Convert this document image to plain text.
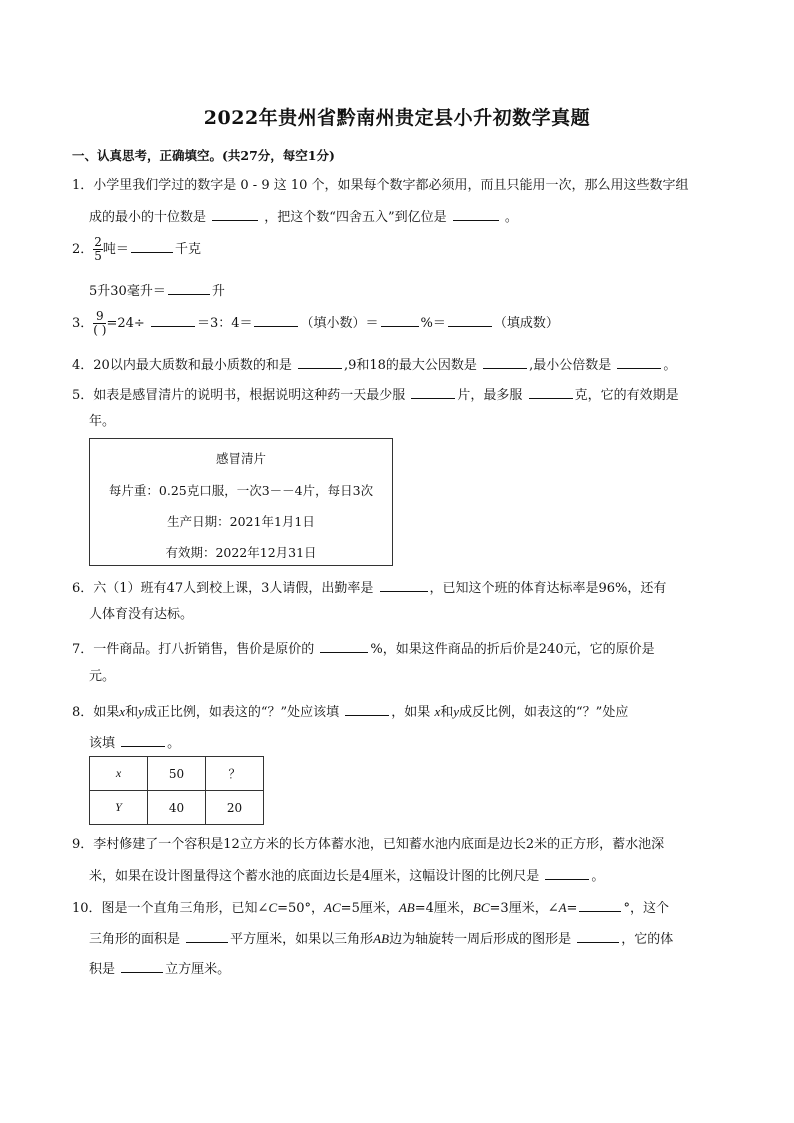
2022年贵州省黔南州贵定县小升初数学真题
一、认真思考，正确填空。(共27分，每空1分)
1．小学里我们学过的数字是 0 - 9 这 10 个，如果每个数字都必须用，而且只能用一次，那么用这些数字组
成的最小的十位数是	，把这个数“四舍五入”到亿位是	。
2． $\frac{2}{5}$ 吨＝	千克
5升30毫升＝	升
3． $\frac{9}{( )} =24\div$	＝3：4＝	（填小数）＝	%＝	（填成数）
4．20以内最大质数和最小质数的和是	,9和18的最大公因数是	,最小公倍数是	。
5．如表是感冒清片的说明书，根据说明这种药一天最少服	片，最多服	克，它的有效期是
年。
感冒清片
每片重：0.25克口服，一次3－－4片，每日3次
生产日期：2021年1月1日
有效期：2022年12月31日
6．六（1）班有47人到校上课，3人请假，出勤率是	，已知这个班的体育达标率是96%，还有
人体育没有达标。
7．一件商品。打八折销售，售价是原价的	%，如果这件商品的折后价是240元，它的原价是
元。
8．如果x和y成正比例，如表这的“？”处应该填	，如果 x和y成反比例，如表这的“？”处应
该填	。
x	50	？
Y	40	20
9．李村修建了一个容积是12立方米的长方体蓄水池，已知蓄水池内底面是边长2米的正方形，蓄水池深
米，如果在设计图量得这个蓄水池的底面边长是4厘米，这幅设计图的比例尺是	。
10．图是一个直角三角形，已知∠C=50°，AC=5厘米，AB=4厘米，BC=3厘米，∠A=	°，这个
三角形的面积是	平方厘米，如果以三角形AB边为轴旋转一周后形成的图形是	，它的体
积是	立方厘米。
